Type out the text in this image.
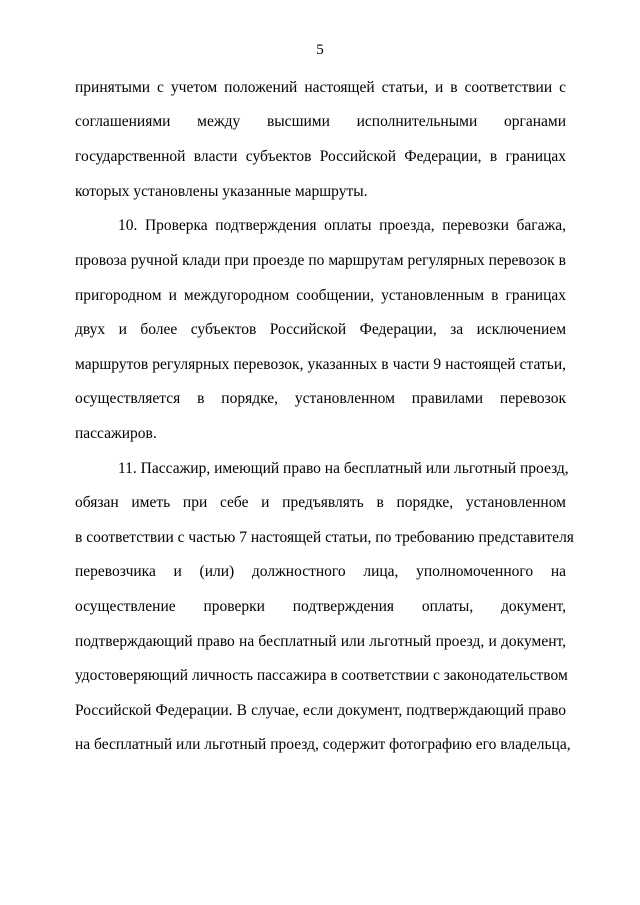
5
принятыми с учетом положений настоящей статьи, и в соответствии с
соглашениями между высшими исполнительными органами
государственной власти субъектов Российской Федерации, в границах
которых установлены указанные маршруты.
10. Проверка подтверждения оплаты проезда, перевозки багажа,
провоза ручной клади при проезде по маршрутам регулярных перевозок в
пригородном и междугородном сообщении, установленным в границах
двух и более субъектов Российской Федерации, за исключением
маршрутов регулярных перевозок, указанных в части 9 настоящей статьи,
осуществляется в порядке, установленном правилами перевозок
пассажиров.
11. Пассажир, имеющий право на бесплатный или льготный проезд,
обязан иметь при себе и предъявлять в порядке, установленном
в соответствии с частью 7 настоящей статьи, по требованию представителя
перевозчика и (или) должностного лица, уполномоченного на
осуществление проверки подтверждения оплаты, документ,
подтверждающий право на бесплатный или льготный проезд, и документ,
удостоверяющий личность пассажира в соответствии с законодательством
Российской Федерации. В случае, если документ, подтверждающий право
на бесплатный или льготный проезд, содержит фотографию его владельца,
